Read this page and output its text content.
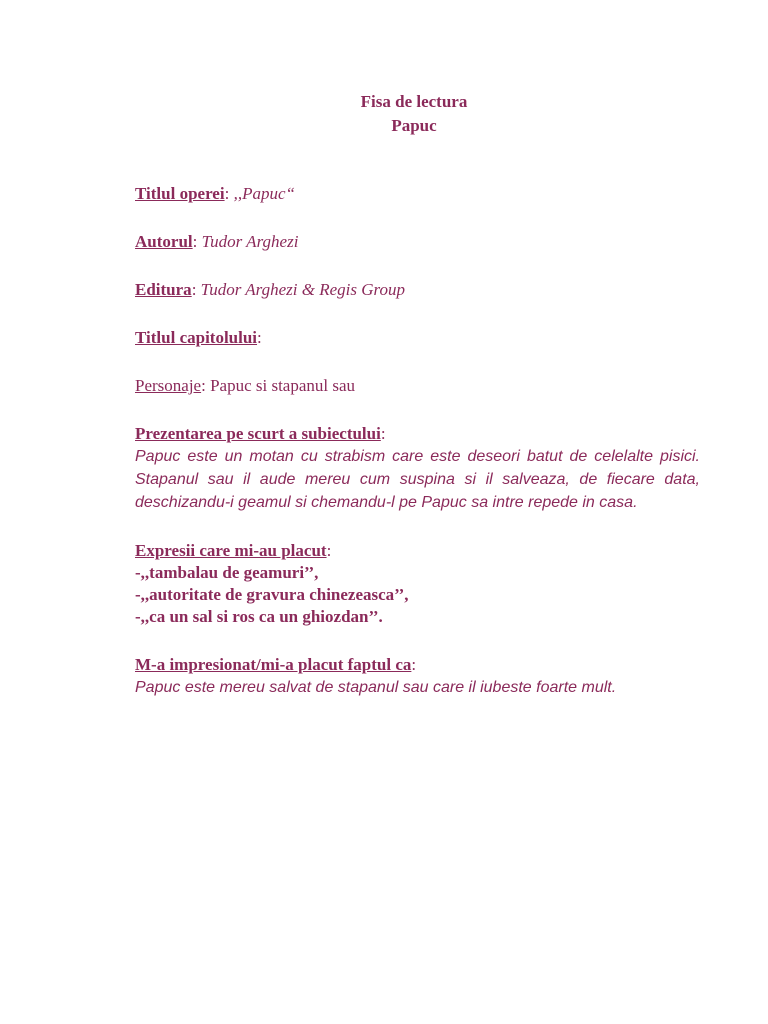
Fisa de lectura
Papuc
Titlul operei: ,,Papuc“
Autorul: Tudor Arghezi
Editura: Tudor Arghezi & Regis Group
Titlul capitolului:
Personaje: Papuc si stapanul sau
Prezentarea pe scurt a subiectului:
Papuc este un motan cu strabism care este deseori batut de celelalte pisici. Stapanul sau il aude mereu cum suspina si il salveaza, de fiecare data, deschizandu-i geamul si chemandu-l pe Papuc sa intre repede in casa.
Expresii care mi-au placut:
-,,tambalau de geamuri’’,
-,,autoritate de gravura chinezeasca’’,
-,,ca un sal si ros ca un ghiozdan’’.
M-a impresionat/mi-a placut faptul ca:
Papuc este mereu salvat de stapanul sau care il iubeste foarte mult.
